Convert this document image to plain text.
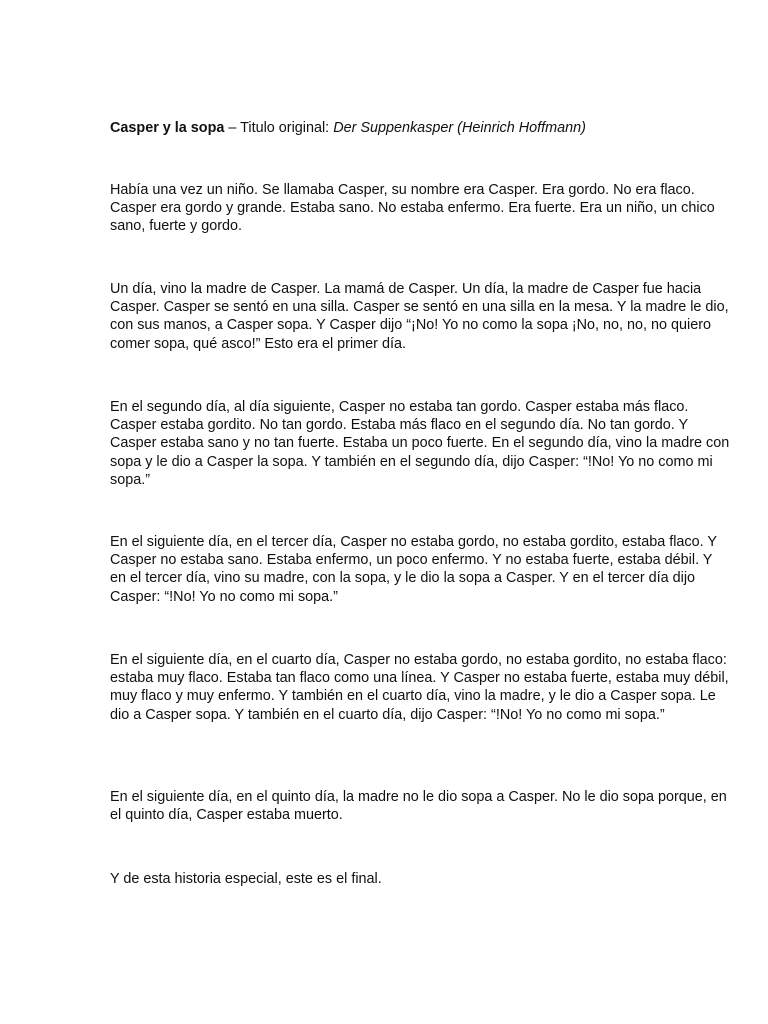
Casper y la sopa – Titulo original: Der Suppenkasper (Heinrich Hoffmann)

Había una vez un niño. Se llamaba Casper, su nombre era Casper. Era gordo. No era flaco. Casper era gordo y grande. Estaba sano. No estaba enfermo. Era fuerte. Era un niño, un chico sano, fuerte y gordo.

Un día, vino la madre de Casper. La mamá de Casper. Un día, la madre de Casper fue hacia Casper. Casper se sentó en una silla. Casper se sentó en una silla en la mesa. Y la madre le dio, con sus manos, a Casper sopa. Y Casper dijo “¡No! Yo no como la sopa ¡No, no, no, no quiero comer sopa, qué asco!” Esto era el primer día.

En el segundo día, al día siguiente, Casper no estaba tan gordo. Casper estaba más flaco. Casper estaba gordito. No tan gordo. Estaba más flaco en el segundo día. No tan gordo. Y Casper estaba sano y no tan fuerte. Estaba un poco fuerte. En el segundo día, vino la madre con sopa y le dio a Casper la sopa. Y también en el segundo día, dijo Casper: “!No! Yo no como mi sopa.”

En el siguiente día, en el tercer día, Casper no estaba gordo, no estaba gordito, estaba flaco. Y Casper no estaba sano. Estaba enfermo, un poco enfermo. Y no estaba fuerte, estaba débil. Y en el tercer día, vino su madre, con la sopa, y le dio la sopa a Casper. Y en el tercer día dijo Casper: “!No! Yo no como mi sopa.”

En el siguiente día, en el cuarto día, Casper no estaba gordo, no estaba gordito, no estaba flaco: estaba muy flaco. Estaba tan flaco como una línea. Y Casper no estaba fuerte, estaba muy débil, muy flaco y muy enfermo. Y también en el cuarto día, vino la madre, y le dio a Casper sopa. Le dio a Casper sopa. Y también en el cuarto día, dijo Casper: “!No! Yo no como mi sopa.”

En el siguiente día, en el quinto día, la madre no le dio sopa a Casper. No le dio sopa porque, en el quinto día, Casper estaba muerto.

Y de esta historia especial, este es el final.
